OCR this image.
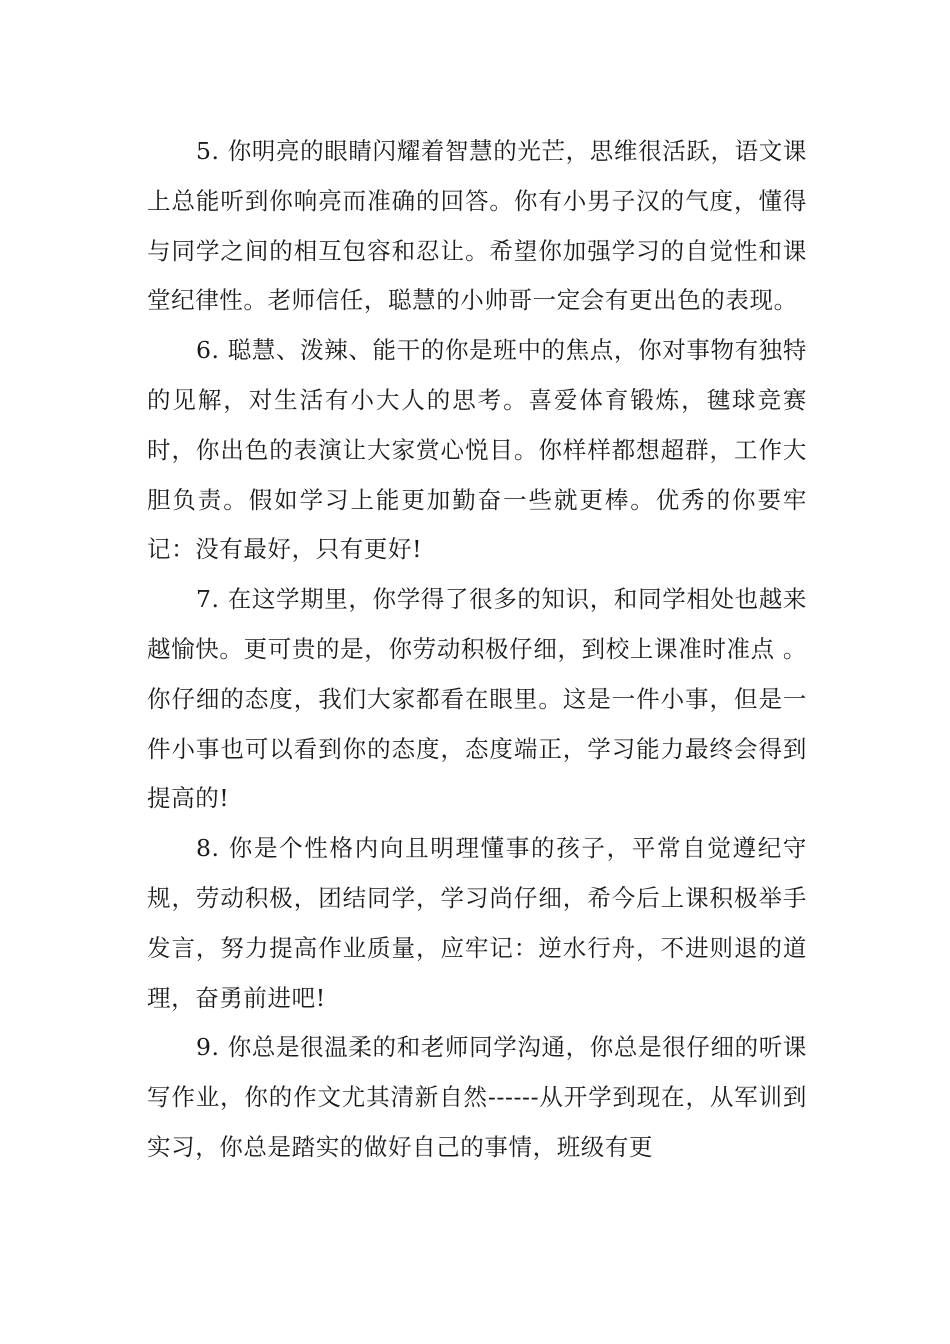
5. 你明亮的眼睛闪耀着智慧的光芒，思维很活跃，语文课上总能听到你响亮而准确的回答。你有小男子汉的气度，懂得与同学之间的相互包容和忍让。希望你加强学习的自觉性和课堂纪律性。老师信任，聪慧的小帅哥一定会有更出色的表现。

6. 聪慧、泼辣、能干的你是班中的焦点，你对事物有独特的见解，对生活有小大人的思考。喜爱体育锻炼，毽球竞赛时，你出色的表演让大家赏心悦目。你样样都想超群，工作大胆负责。假如学习上能更加勤奋一些就更棒。优秀的你要牢记：没有最好，只有更好!

7. 在这学期里，你学得了很多的知识，和同学相处也越来越愉快。更可贵的是，你劳动积极仔细，到校上课准时准点 。你仔细的态度，我们大家都看在眼里。这是一件小事，但是一件小事也可以看到你的态度，态度端正，学习能力最终会得到提高的!

8. 你是个性格内向且明理懂事的孩子，平常自觉遵纪守规，劳动积极，团结同学，学习尚仔细，希今后上课积极举手发言，努力提高作业质量，应牢记：逆水行舟，不进则退的道理，奋勇前进吧!

9. 你总是很温柔的和老师同学沟通，你总是很仔细的听课写作业，你的作文尤其清新自然------从开学到现在，从军训到实习，你总是踏实的做好自己的事情，班级有更
